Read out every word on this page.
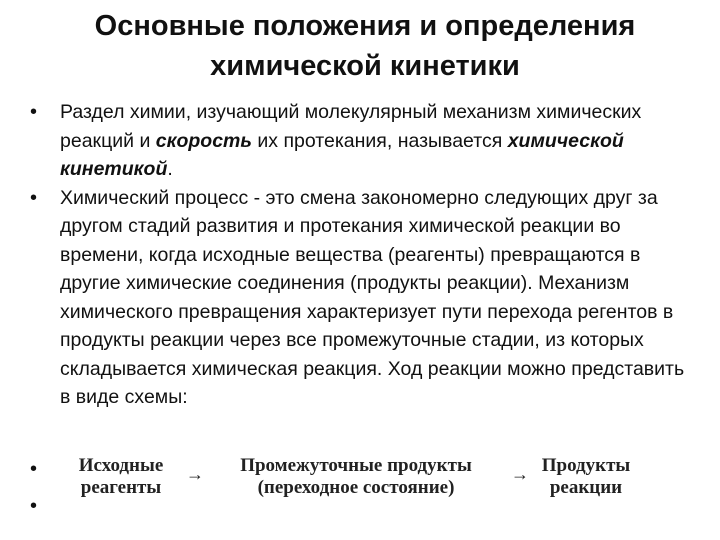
Основные положения и определения
химической кинетики
•	Раздел химии, изучающий молекулярный механизм химических реакций и скорость их протекания, называется химической кинетикой.
•	Химический процесс - это смена закономерно следующих друг за другом стадий развития и протекания химической реакции во времени, когда исходные вещества (реагенты) превращаются в другие химические соединения (продукты реакции). Механизм химического превращения характеризует пути перехода регентов в продукты реакции через все промежуточные стадии, из которых складывается химическая реакция. Ход реакции можно представить в виде схемы:
•
•
Исходные
реагенты
→	Промежуточные продукты
(переходное состояние)
→ Продукты
реакции
